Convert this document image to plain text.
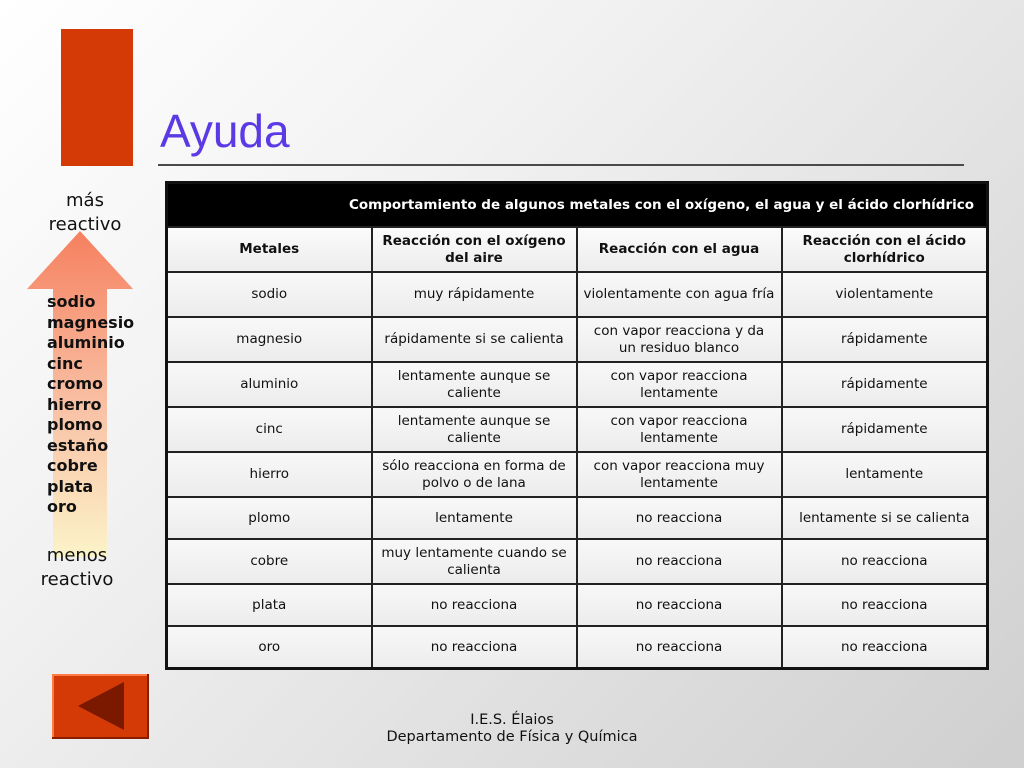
Ayuda
más
reactivo
sodio
magnesio
aluminio
cinc
cromo
hierro
plomo
estaño
cobre
plata
oro
menos
reactivo
Comportamiento de algunos metales con el oxígeno, el agua y el ácido clorhídrico			
Metales	Reacción con el oxígeno del aire	Reacción con el agua	Reacción con el ácido clorhídrico
sodio	muy rápidamente	violentamente con agua fría	violentamente
magnesio	rápidamente si se calienta	con vapor reacciona y da un residuo blanco	rápidamente
aluminio	lentamente aunque se caliente	con vapor reacciona lentamente	rápidamente
cinc	lentamente aunque se caliente	con vapor reacciona lentamente	rápidamente
hierro	sólo reacciona en forma de polvo o de lana	con vapor reacciona muy lentamente	lentamente
plomo	lentamente	no reacciona	lentamente si se calienta
cobre	muy lentamente cuando se calienta	no reacciona	no reacciona
plata	no reacciona	no reacciona	no reacciona
oro	no reacciona	no reacciona	no reacciona
I.E.S. Élaios
Departamento de Física y Química
